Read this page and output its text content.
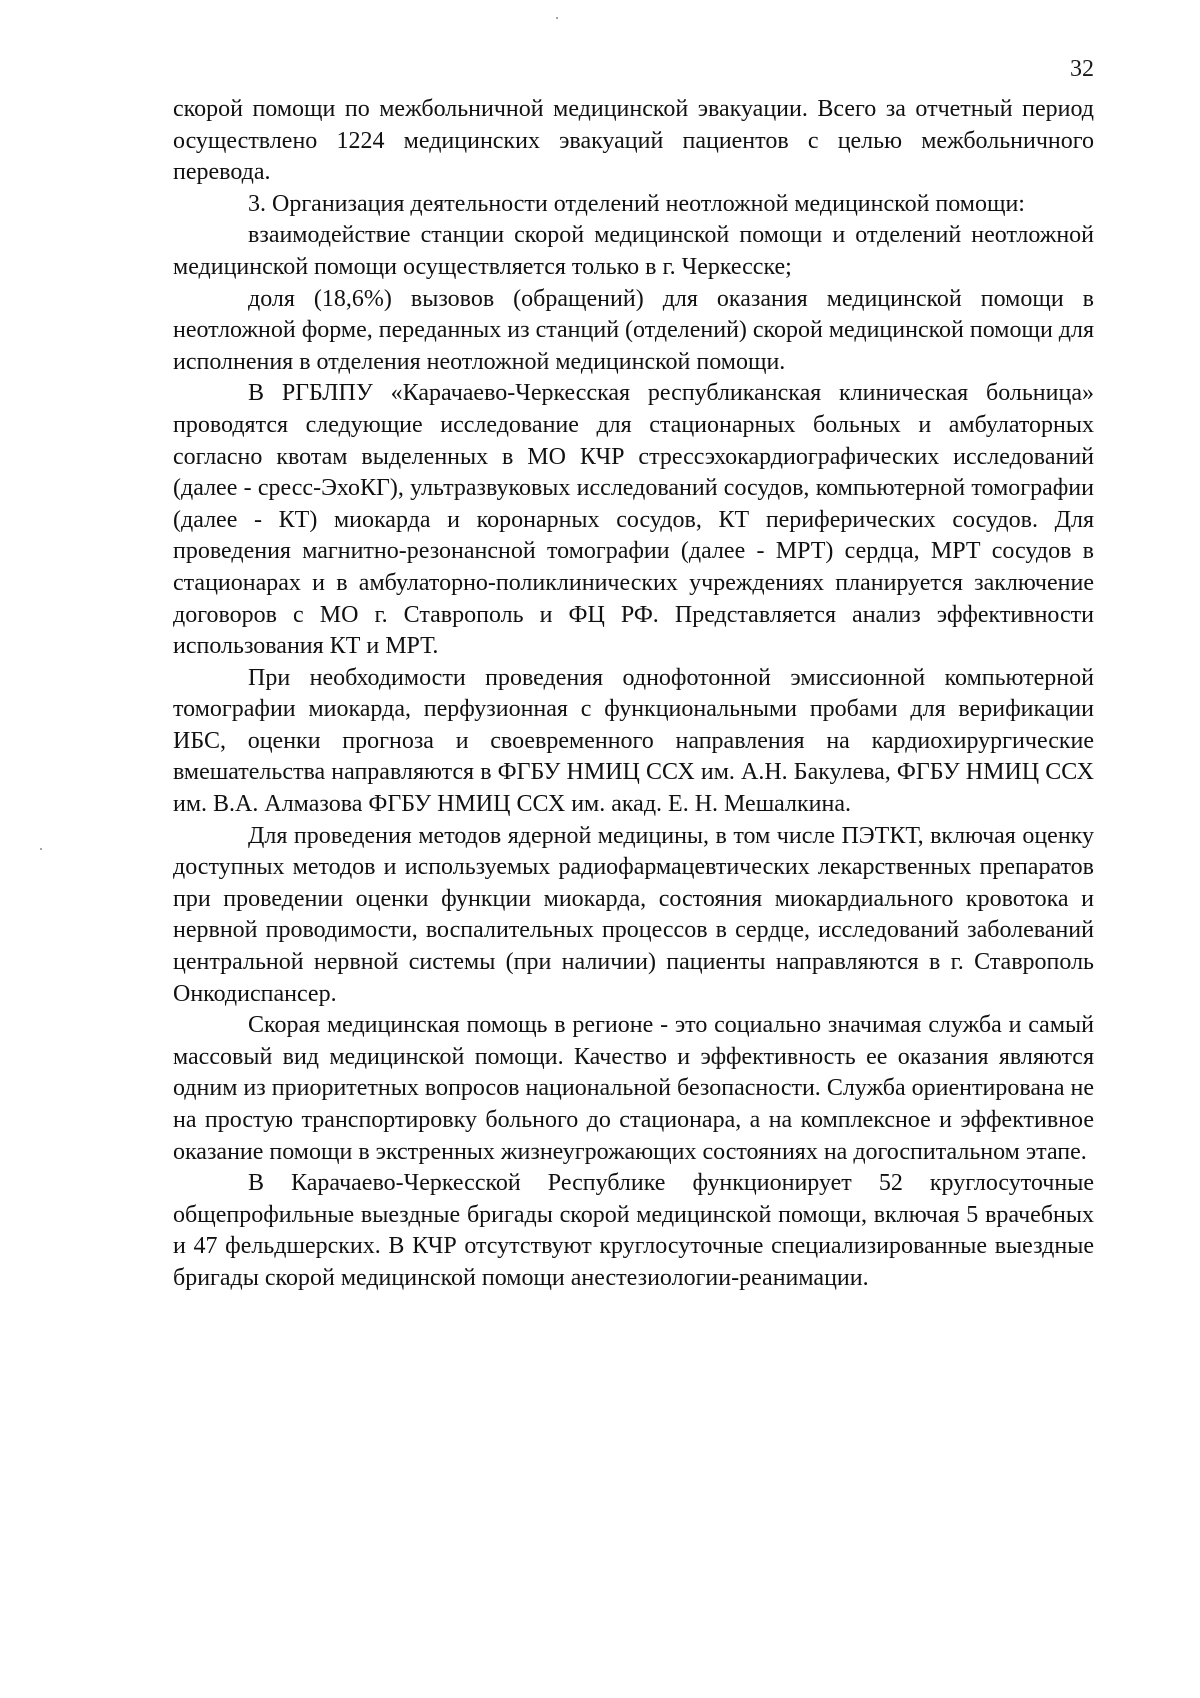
32

скорой помощи по межбольничной медицинской эвакуации. Всего за отчетный период осуществлено 1224 медицинских эвакуаций пациентов с целью межбольничного перевода.

3. Организация деятельности отделений неотложной медицинской помощи:

взаимодействие станции скорой медицинской помощи и отделений неотложной медицинской помощи осуществляется только в г. Черкесске;

доля (18,6%) вызовов (обращений) для оказания медицинской помощи в неотложной форме, переданных из станций (отделений) скорой медицинской помощи для исполнения в отделения неотложной медицинской помощи.

В РГБЛПУ «Карачаево-Черкесская республиканская клиническая больница» проводятся следующие исследование для стационарных больных и амбулаторных согласно квотам выделенных в МО КЧР стрессэхокардиографических исследований (далее - сресс-ЭхоКГ), ультразвуковых исследований сосудов, компьютерной томографии (далее - КТ) миокарда и коронарных сосудов, КТ периферических сосудов. Для проведения магнитно-резонансной томографии (далее - МРТ) сердца, МРТ сосудов в стационарах и в амбулаторно-поликлинических учреждениях планируется заключение договоров с МО г. Ставрополь и ФЦ РФ. Представляется анализ эффективности использования КТ и МРТ.

При необходимости проведения однофотонной эмиссионной компьютерной томографии миокарда, перфузионная с функциональными пробами для верификации ИБС, оценки прогноза и своевременного направления на кардиохирургические вмешательства направляются в ФГБУ НМИЦ ССХ им. А.Н. Бакулева, ФГБУ НМИЦ ССХ им. В.А. Алмазова ФГБУ НМИЦ ССХ им. акад. Е. Н. Мешалкина.

Для проведения методов ядерной медицины, в том числе ПЭТКТ, включая оценку доступных методов и используемых радиофармацевтических лекарственных препаратов при проведении оценки функции миокарда, состояния миокардиального кровотока и нервной проводимости, воспалительных процессов в сердце, исследований заболеваний центральной нервной системы (при наличии) пациенты направляются в г. Ставрополь Онкодиспансер.

Скорая медицинская помощь в регионе - это социально значимая служба и самый массовый вид медицинской помощи. Качество и эффективность ее оказания являются одним из приоритетных вопросов национальной безопасности. Служба ориентирована не на простую транспортировку больного до стационара, а на комплексное и эффективное оказание помощи в экстренных жизнеугрожающих состояниях на догоспитальном этапе.

В Карачаево-Черкесской Республике функционирует 52 круглосуточные общепрофильные выездные бригады скорой медицинской помощи, включая 5 врачебных и 47 фельдшерских. В КЧР отсутствуют круглосуточные специализированные выездные бригады скорой медицинской помощи анестезиологии-реанимации.
